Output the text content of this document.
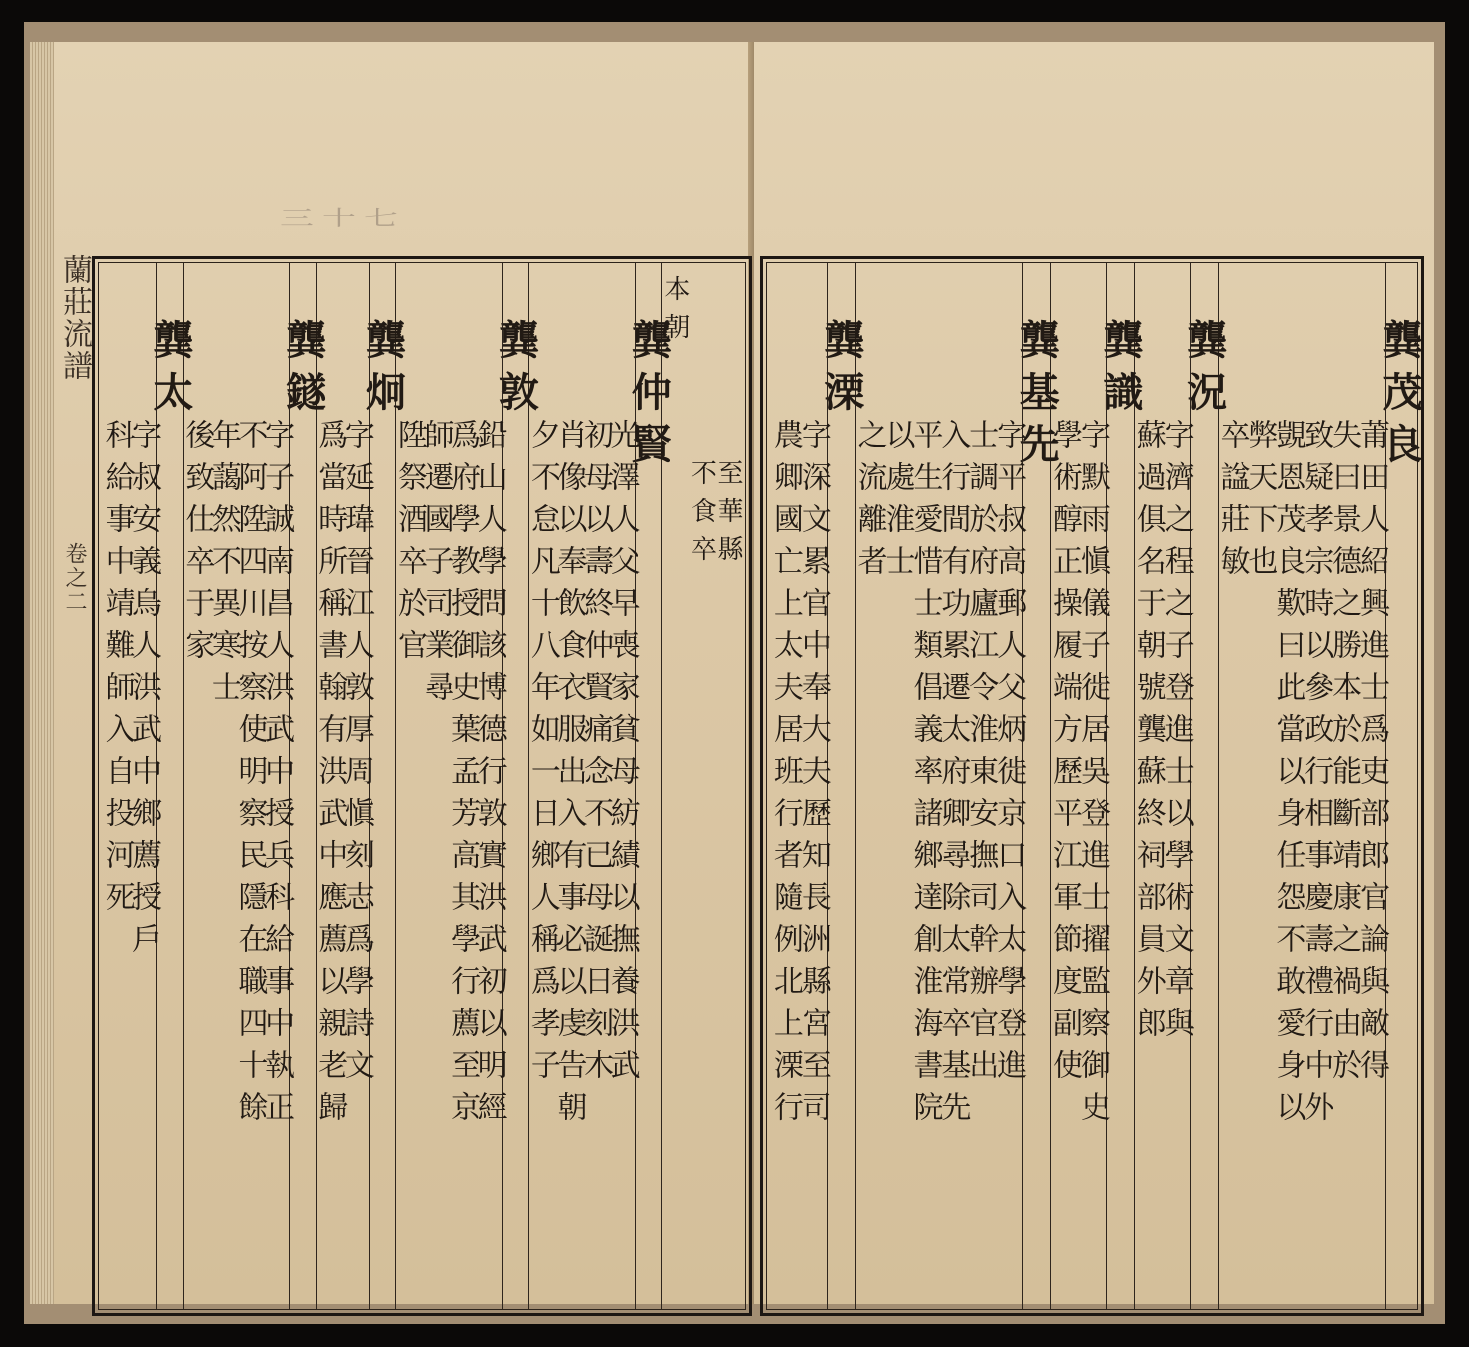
三十七
蘭莊流譜
卷之二
至華縣
不食卒
本朝
龔仲賢
光澤人父早喪家貧母紡績以撫養洪武
初母以壽終仲賢痛念不已母誕日刻木
肖像以奉飲食衣服出入有事必以虔告朝
夕不怠凡十八年如一日鄉人稱爲孝子
龔敦
鉛山人學問該博德行敦實洪武初以明經
爲府學教授御史葉孟芳高其學行薦至京
師遷國子司業尋
陞祭酒卒於官
龔炯
字延瑋晉江人敦厚周愼刻志爲學詩文
爲當時所稱書翰有洪武中應薦以親老歸
龔鐩
字子誠南昌人洪武中授兵科給事中執正
不阿陞四川按察使明察民隱在職四十餘
年藹然不異寒士
後致仕卒于家
龔太
字叔安義烏人洪武中鄉薦授戶
科給事中靖難師入自投河死
龔茂良
莆田人紹興進士爲吏部郎官論與敵得
失曰景德之勝本於能斷靖康之禍由於
致疑孝宗時以參政行相事慶壽禮行中外
覬恩茂良歎曰此當以身任怨不敢愛身以
弊天下也
卒諡莊敏
龔況
字濟之程之子登進士以學術文章與
蘇過俱名于朝號龔蘇終祠部員外郎
龔識
字默雨愼儀子徙居吳登進士擢監察御史
學術醇正操履端方歷平江軍節度副使
龔基先
字平叔高郵人父炳徙京口入太學登進
士調於府廬江令淮東安撫司幹辦官出
入行間有功累遷太府卿尋除太常卒基先
平生愛惜士類倡義率諸鄉達創淮海書院
以處淮士
之流離者
龔溧
字深文累官中奉大夫歷知長洲縣宮至司
農卿國亡上太夫居班行者隨例北上溧行
